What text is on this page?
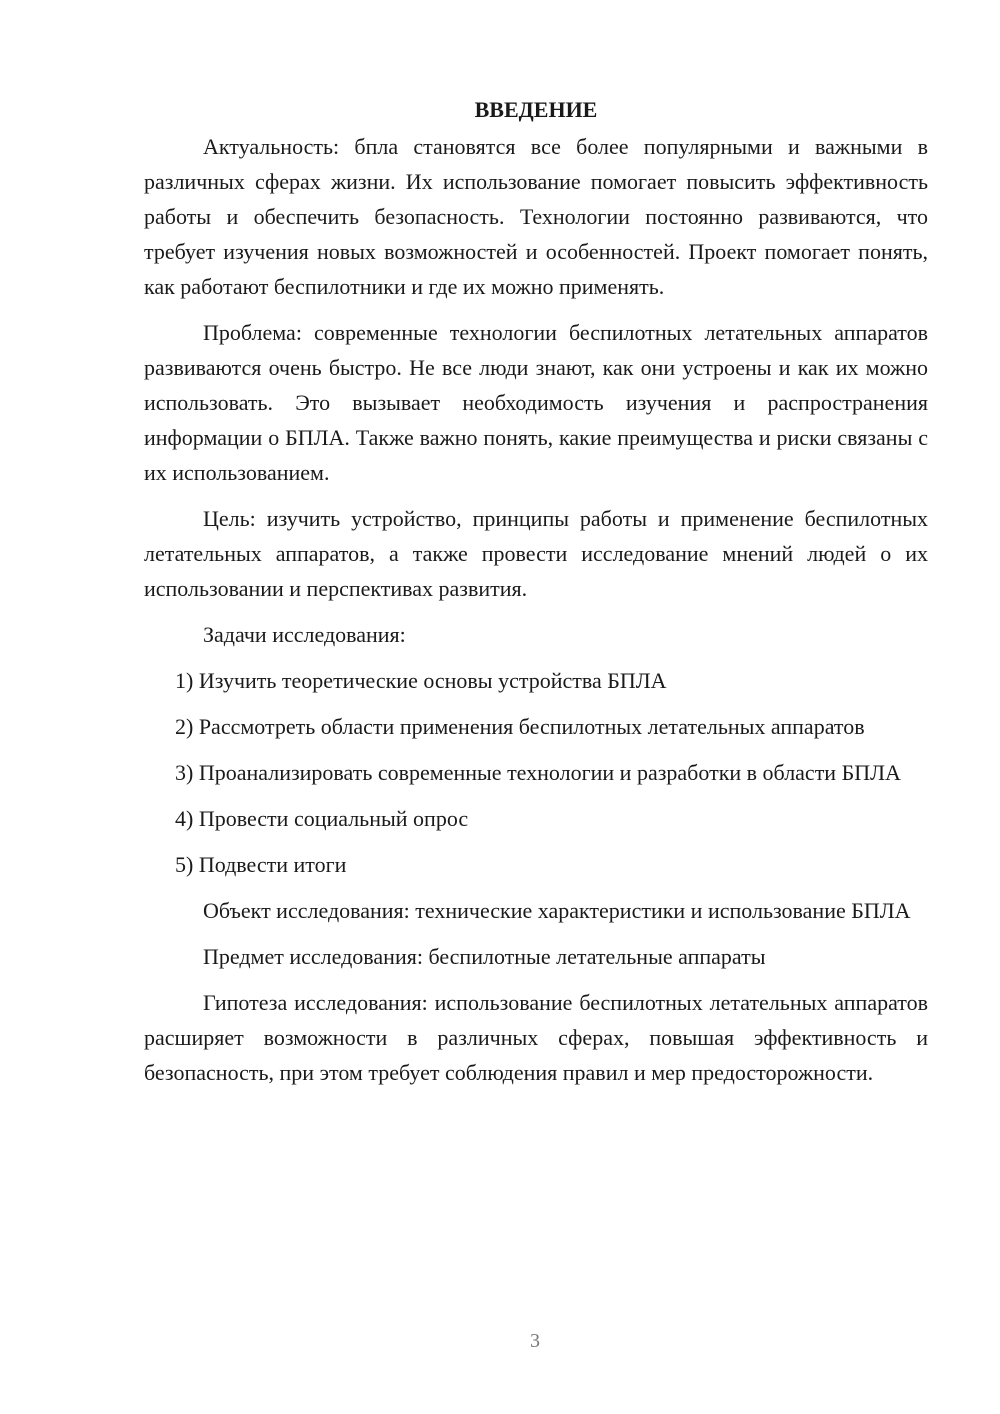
ВВЕДЕНИЕ

Актуальность: бпла становятся все более популярными и важными в различных сферах жизни. Их использование помогает повысить эффективность работы и обеспечить безопасность. Технологии постоянно развиваются, что требует изучения новых возможностей и особенностей. Проект помогает понять, как работают беспилотники и где их можно применять.

Проблема: современные технологии беспилотных летательных аппаратов развиваются очень быстро. Не все люди знают, как они устроены и как их можно использовать. Это вызывает необходимость изучения и распространения информации о БПЛА. Также важно понять, какие преимущества и риски связаны с их использованием.

Цель: изучить устройство, принципы работы и применение беспилотных летательных аппаратов, а также провести исследование мнений людей о их использовании и перспективах развития.

Задачи исследования:

1) Изучить теоретические основы устройства БПЛА

2) Рассмотреть области применения беспилотных летательных аппаратов

3) Проанализировать современные технологии и разработки в области БПЛА

4) Провести социальный опрос

5) Подвести итоги

Объект исследования: технические характеристики и использование БПЛА

Предмет исследования: беспилотные летательные аппараты

Гипотеза исследования: использование беспилотных летательных аппаратов расширяет возможности в различных сферах, повышая эффективность и безопасность, при этом требует соблюдения правил и мер предосторожности.

3
